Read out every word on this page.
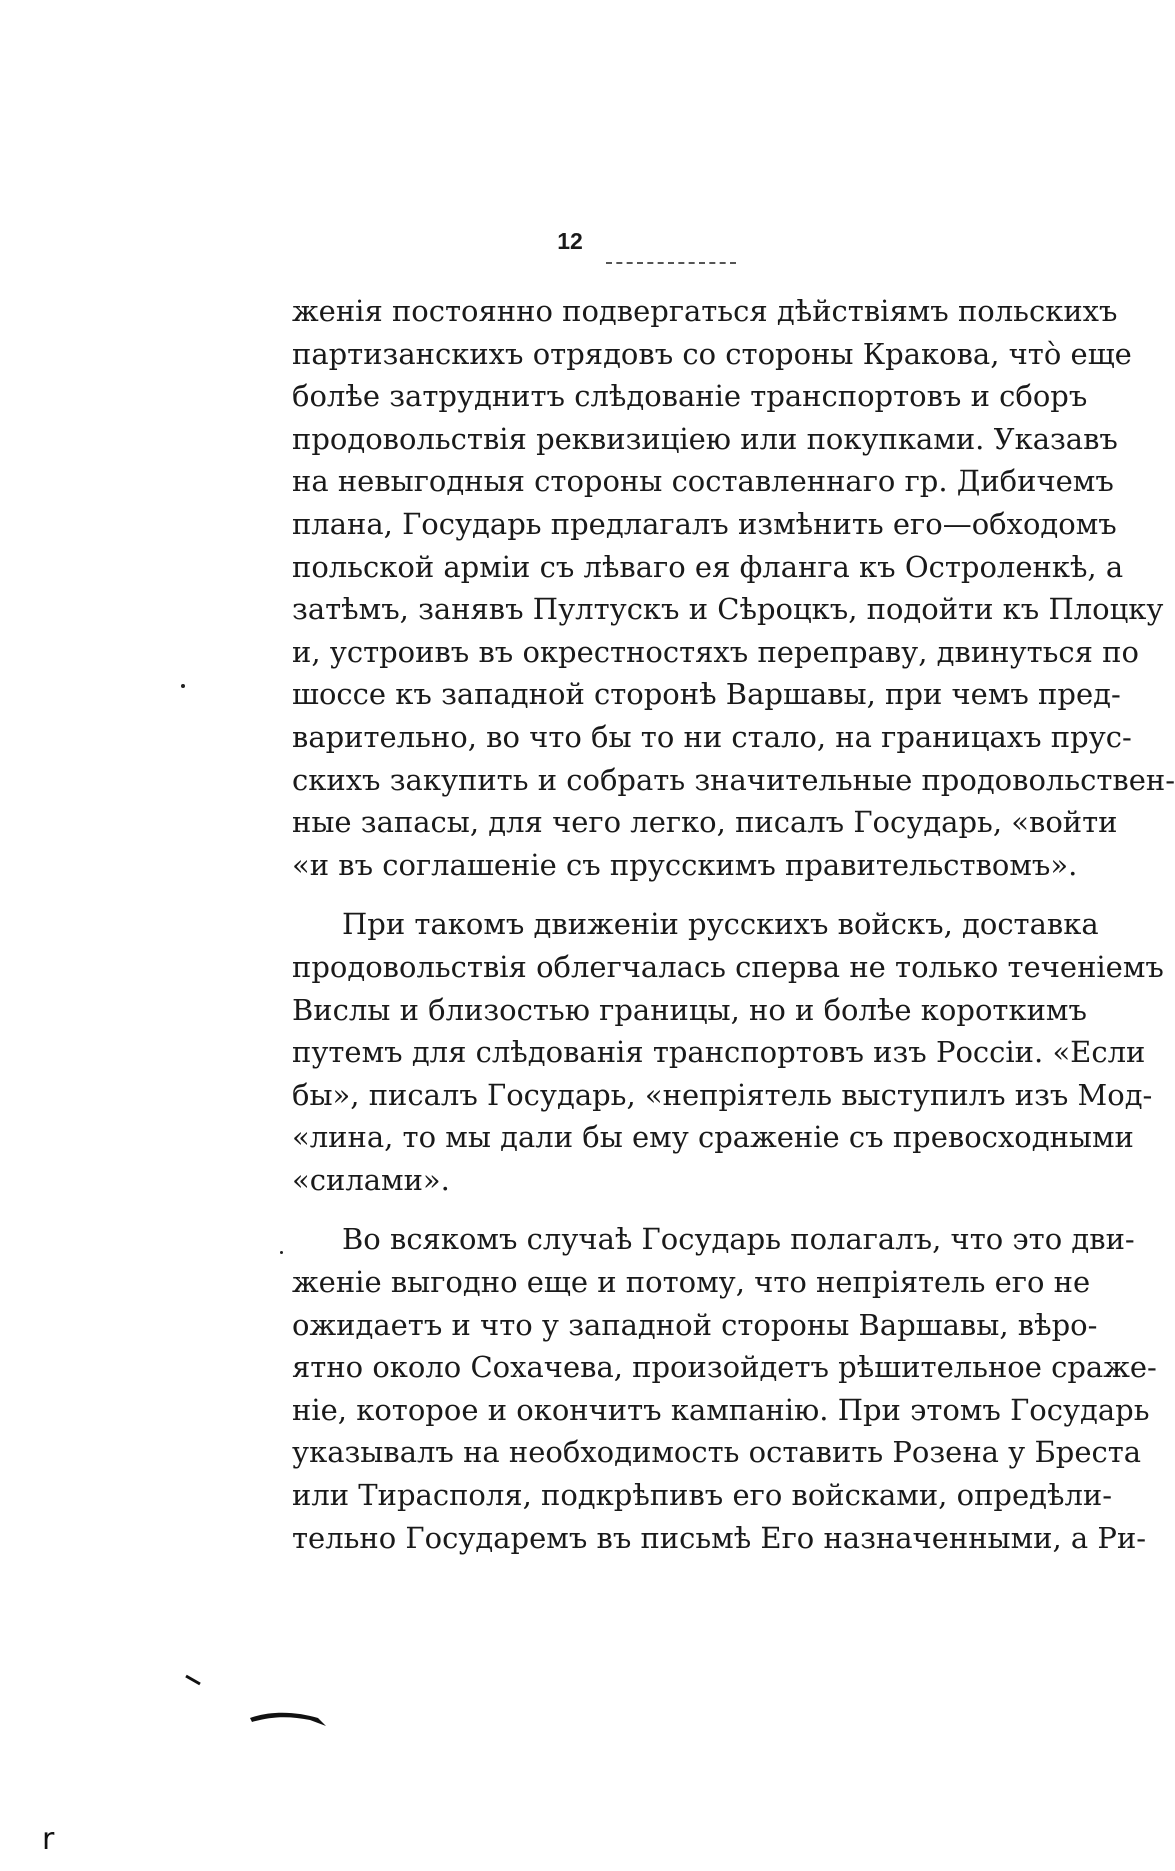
12
женія постоянно подвергаться дѣйствіямъ польскихъ
партизанскихъ отрядовъ со стороны Кракова, что̀ еще
болѣе затруднитъ слѣдованіе транспортовъ и сборъ
продовольствія реквизиціею или покупками. Указавъ
на невыгодныя стороны составленнаго гр. Дибичемъ
плана, Государь предлагалъ измѣнить его—обходомъ
польской арміи съ лѣваго ея фланга къ Остроленкѣ, а
затѣмъ, занявъ Пултускъ и Сѣроцкъ, подойти къ Плоцку
и, устроивъ въ окрестностяхъ переправу, двинуться по
шоссе къ западной сторонѣ Варшавы, при чемъ пред-
варительно, во что бы то ни стало, на границахъ прус-
скихъ закупить и собрать значительные продовольствен-
ные запасы, для чего легко, писалъ Государь, «войти
«и въ соглашеніе съ прусскимъ правительствомъ».
При такомъ движеніи русскихъ войскъ, доставка
продовольствія облегчалась сперва не только теченіемъ
Вислы и близостью границы, но и болѣе короткимъ
путемъ для слѣдованія транспортовъ изъ Россіи. «Если
бы», писалъ Государь, «непріятель выступилъ изъ Мод-
«лина, то мы дали бы ему сраженіе съ превосходными
«силами».
Во всякомъ случаѣ Государь полагалъ, что это дви-
женіе выгодно еще и потому, что непріятель его не
ожидаетъ и что у западной стороны Варшавы, вѣро-
ятно около Сохачева, произойдетъ рѣшительное сраже-
ніе, которое и окончитъ кампанію. При этомъ Государь
указывалъ на необходимость оставить Розена у Бреста
или Тирасполя, подкрѣпивъ его войсками, опредѣли-
тельно Государемъ въ письмѣ Его назначенными, а Ри-
r
